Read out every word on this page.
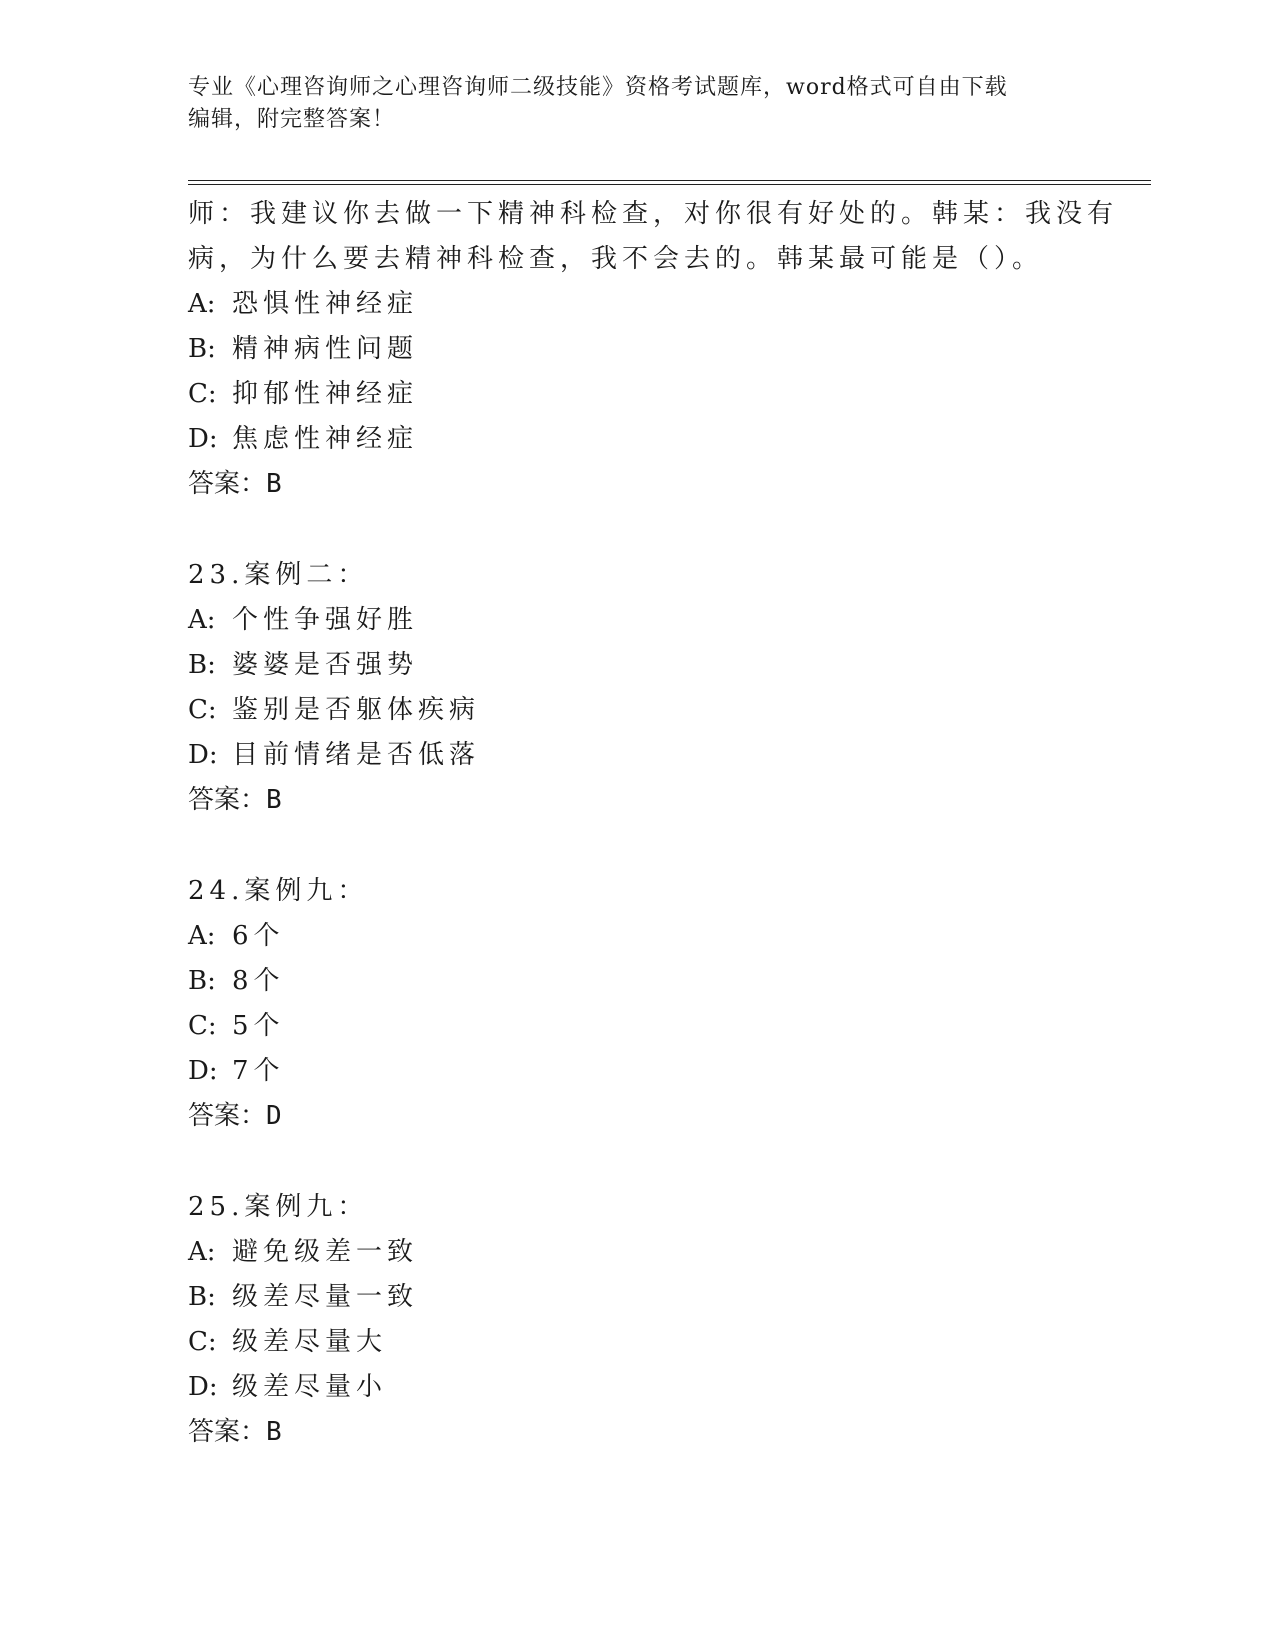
专业《心理咨询师之心理咨询师二级技能》资格考试题库，word格式可自由下载
编辑，附完整答案！
师：我建议你去做一下精神科检查，对你很有好处的。韩某：我没有
病，为什么要去精神科检查，我不会去的。韩某最可能是（）。
A: 恐惧性神经症
B: 精神病性问题
C: 抑郁性神经症
D: 焦虑性神经症
答案：B
23.案例二：
A: 个性争强好胜
B: 婆婆是否强势
C: 鉴别是否躯体疾病
D: 目前情绪是否低落
答案：B
24.案例九：
A: 6个
B: 8个
C: 5个
D: 7个
答案：D
25.案例九：
A: 避免级差一致
B: 级差尽量一致
C: 级差尽量大
D: 级差尽量小
答案：B
